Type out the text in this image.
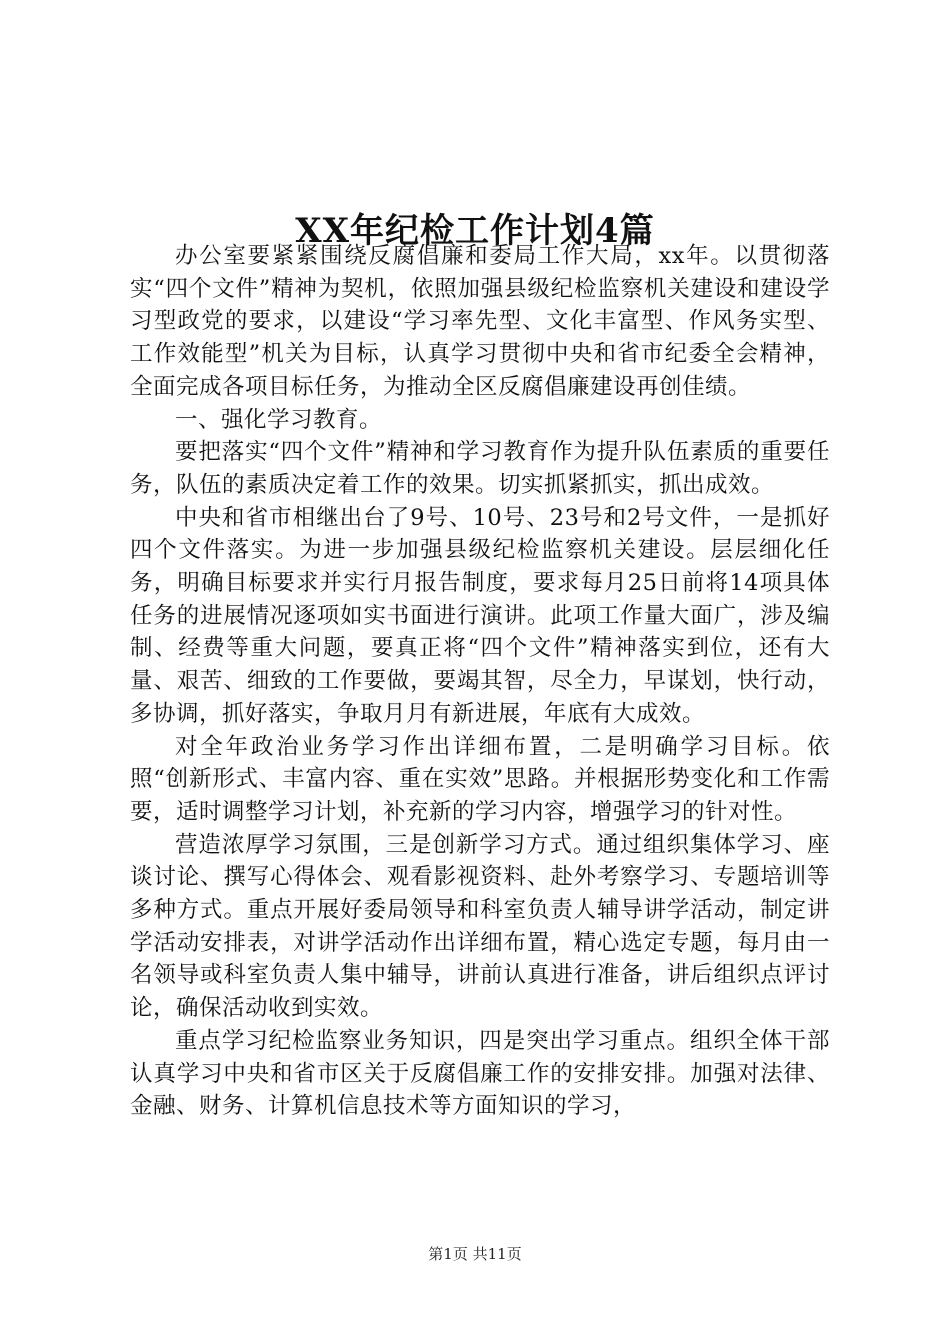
XX年纪检工作计划4篇

办公室要紧紧围绕反腐倡廉和委局工作大局，xx年。以贯彻落实“四个文件”精神为契机，依照加强县级纪检监察机关建设和建设学习型政党的要求，以建设“学习率先型、文化丰富型、作风务实型、工作效能型”机关为目标，认真学习贯彻中央和省市纪委全会精神，全面完成各项目标任务，为推动全区反腐倡廉建设再创佳绩。

一、强化学习教育。

要把落实“四个文件”精神和学习教育作为提升队伍素质的重要任务，队伍的素质决定着工作的效果。切实抓紧抓实，抓出成效。

中央和省市相继出台了9号、10号、23号和2号文件，一是抓好四个文件落实。为进一步加强县级纪检监察机关建设。层层细化任务，明确目标要求并实行月报告制度，要求每月25日前将14项具体任务的进展情况逐项如实书面进行演讲。此项工作量大面广，涉及编制、经费等重大问题，要真正将“四个文件”精神落实到位，还有大量、艰苦、细致的工作要做，要竭其智，尽全力，早谋划，快行动，多协调，抓好落实，争取月月有新进展，年底有大成效。

对全年政治业务学习作出详细布置，二是明确学习目标。依照“创新形式、丰富内容、重在实效”思路。并根据形势变化和工作需要，适时调整学习计划，补充新的学习内容，增强学习的针对性。

营造浓厚学习氛围，三是创新学习方式。通过组织集体学习、座谈讨论、撰写心得体会、观看影视资料、赴外考察学习、专题培训等多种方式。重点开展好委局领导和科室负责人辅导讲学活动，制定讲学活动安排表，对讲学活动作出详细布置，精心选定专题，每月由一名领导或科室负责人集中辅导，讲前认真进行准备，讲后组织点评讨论，确保活动收到实效。

重点学习纪检监察业务知识，四是突出学习重点。组织全体干部认真学习中央和省市区关于反腐倡廉工作的安排安排。加强对法律、金融、财务、计算机信息技术等方面知识的学习，

第1页 共11页
